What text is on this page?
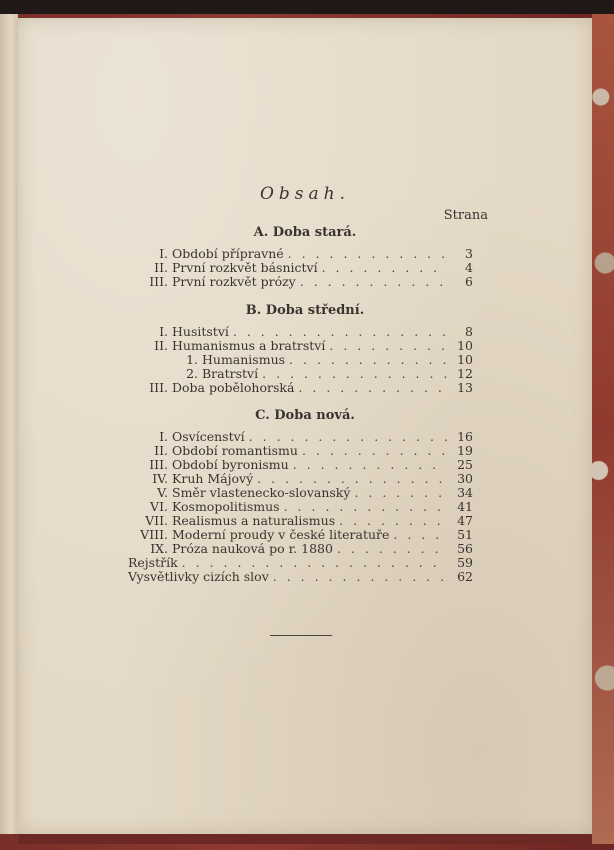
Obsah.
Strana
A. Doba stará.
I. Období přípravné . . .	3
II. První rozkvět básnictví . . .	4
III. První rozkvět prózy . . .	6
B. Doba střední.
I. Husitství . . .	8
II. Humanismus a bratrství . . .	10
1. Humanismus . . .	10
2. Bratrství . . .	12
III. Doba pobělohorská . . .	13
C. Doba nová.
I. Osvícenství . . .	16
II. Období romantismu . . .	19
III. Období byronismu . . .	25
IV. Kruh Májový . . .	30
V. Směr vlastenecko-slovanský . . .	34
VI. Kosmopolitismus . . .	41
VII. Realismus a naturalismus . . .	47
VIII. Moderní proudy v české literatuře . . .	51
IX. Próza nauková po r. 1880 . . .	56
Rejstřík . . .	59
Vysvětlivky cizích slov . . .	62
